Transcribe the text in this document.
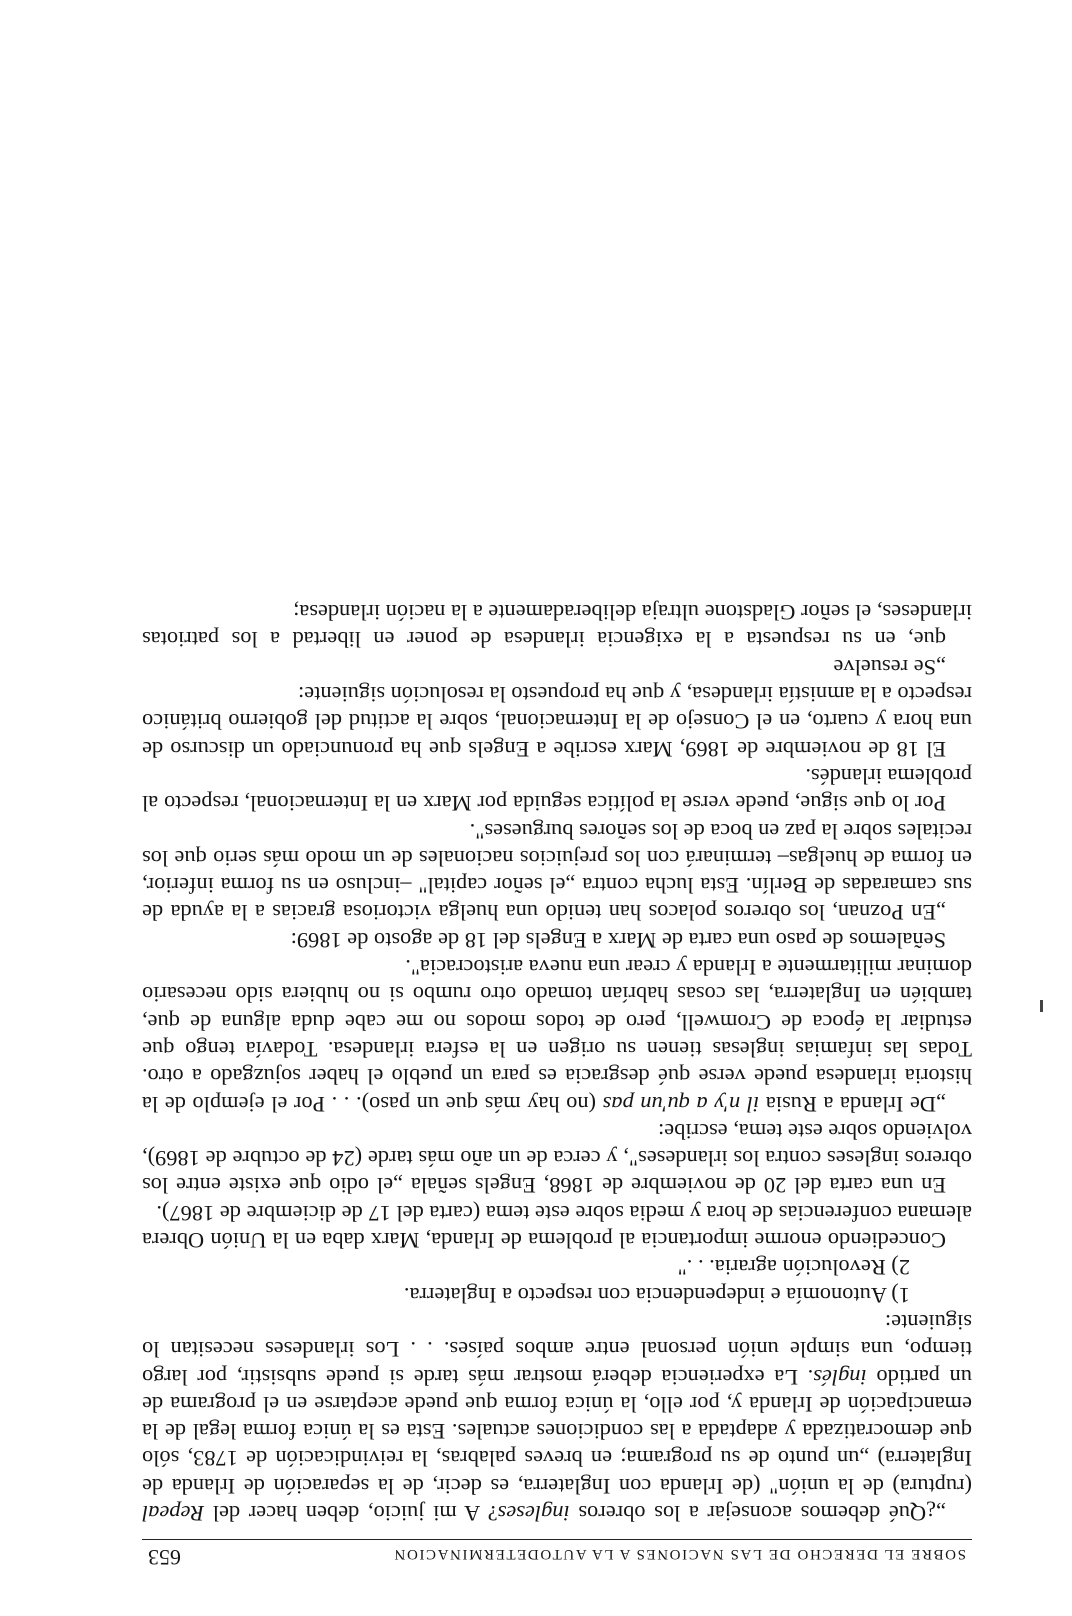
SOBRE EL DERECHO DE LAS NACIONES A LA AUTODETERMINACION
653

„¿Qué debemos aconsejar a los obreros ingleses? A mi juicio, deben hacer del Repeal (ruptura) de la unión" (de Irlanda con Inglaterra, es decir, de la separación de Irlanda de Inglaterra) „un punto de su programa; en breves palabras, la reivindicación de 1783, sólo que democratizada y adaptada a las condiciones actuales. Esta es la única forma legal de la emancipación de Irlanda y, por ello, la única forma que puede aceptarse en el programa de un partido inglés. La experiencia deberá mostrar más tarde si puede subsistir, por largo tiempo, una simple unión personal entre ambos países. . . Los irlandeses necesitan lo siguiente:

1) Autonomía e independencia con respecto a Inglaterra.

2) Revolución agraria. . ."

Concediendo enorme importancia al problema de Irlanda, Marx daba en la Unión Obrera alemana conferencias de hora y media sobre este tema (carta del 17 de diciembre de 1867).

En una carta del 20 de noviembre de 1868, Engels señala „el odio que existe entre los obreros ingleses contra los irlandeses", y cerca de un año más tarde (24 de octubre de 1869), volviendo sobre este tema, escribe:

„De Irlanda a Rusia il n'y a qu'un pas (no hay más que un paso). . . Por el ejemplo de la historia irlandesa puede verse qué desgracia es para un pueblo el haber sojuzgado a otro. Todas las infamias inglesas tienen su origen en la esfera irlandesa. Todavía tengo que estudiar la época de Cromwell, pero de todos modos no me cabe duda alguna de que, también en Inglaterra, las cosas habrían tomado otro rumbo si no hubiera sido necesario dominar militarmente a Irlanda y crear una nueva aristocracia".

Señalemos de paso una carta de Marx a Engels del 18 de agosto de 1869:

„En Poznan, los obreros polacos han tenido una huelga victoriosa gracias a la ayuda de sus camaradas de Berlín. Esta lucha contra „el señor capital" –incluso en su forma inferior, en forma de huelgas– terminará con los prejuicios nacionales de un modo más serio que los recitales sobre la paz en boca de los señores burgueses".

Por lo que sigue, puede verse la política seguida por Marx en la Internacional, respecto al problema irlandés.

El 18 de noviembre de 1869, Marx escribe a Engels que ha pronunciado un discurso de una hora y cuarto, en el Consejo de la Internacional, sobre la actitud del gobierno británico respecto a la amnistía irlandesa, y que ha propuesto la resolución siguiente:

„Se resuelve

que, en su respuesta a la exigencia irlandesa de poner en libertad a los patriotas irlandeses, el señor Gladstone ultraja deliberadamente a la nación irlandesa;
